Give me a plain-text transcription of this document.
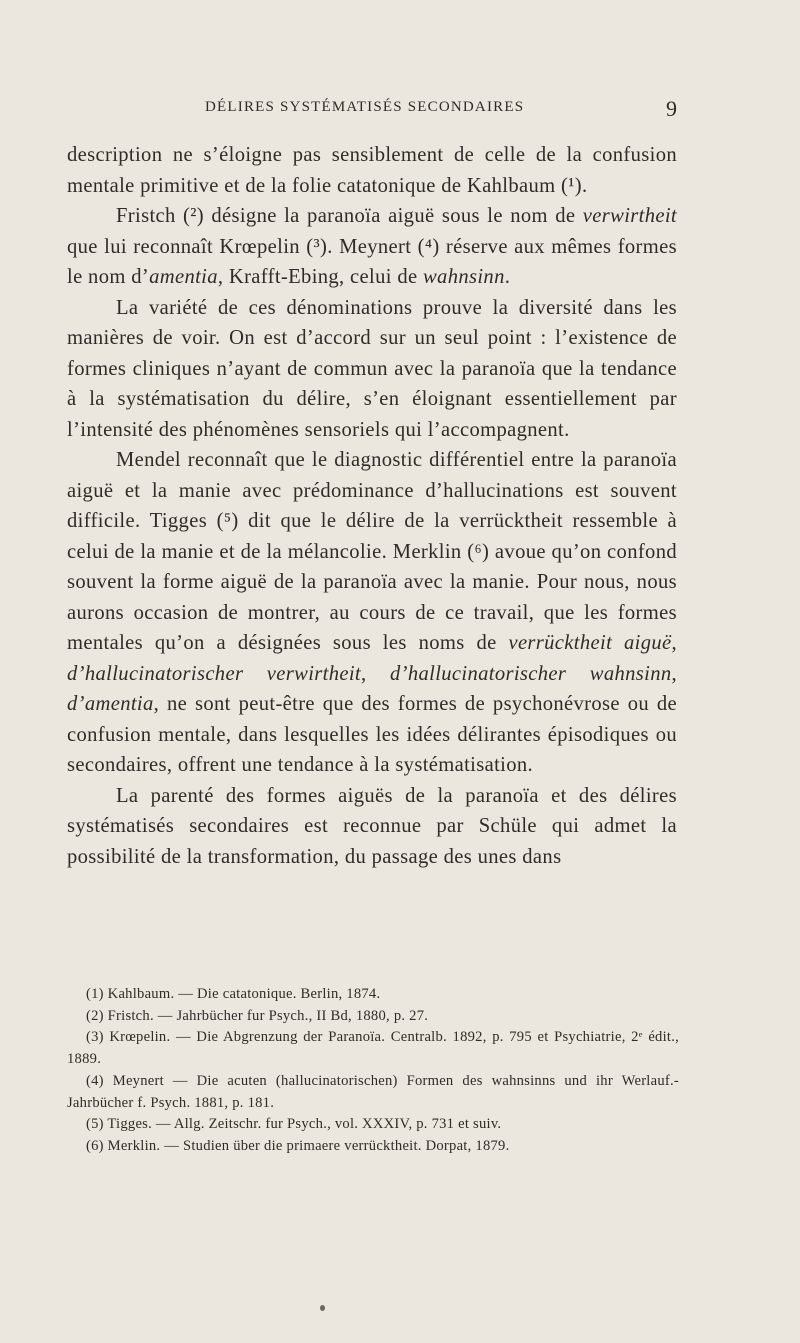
DÉLIRES SYSTÉMATISÉS SECONDAIRES	9

description ne s’éloigne pas sensiblement de celle de la confusion mentale primitive et de la folie catatonique de Kahlbaum (¹).

Fristch (²) désigne la paranoïa aiguë sous le nom de verwirtheit que lui reconnaît Krœpelin (³). Meynert (⁴) réserve aux mêmes formes le nom d’amentia, Krafft-Ebing, celui de wahnsinn.

La variété de ces dénominations prouve la diversité dans les manières de voir. On est d’accord sur un seul point : l’existence de formes cliniques n’ayant de commun avec la paranoïa que la tendance à la systématisation du délire, s’en éloignant essentiellement par l’intensité des phénomènes sensoriels qui l’accompagnent.

Mendel reconnaît que le diagnostic différentiel entre la paranoïa aiguë et la manie avec prédominance d’hallucinations est souvent difficile. Tigges (⁵) dit que le délire de la verrücktheit ressemble à celui de la manie et de la mélancolie. Merklin (⁶) avoue qu’on confond souvent la forme aiguë de la paranoïa avec la manie. Pour nous, nous aurons occasion de montrer, au cours de ce travail, que les formes mentales qu’on a désignées sous les noms de verrücktheit aiguë, d’hallucinatorischer verwirtheit, d’hallucinatorischer wahnsinn, d’amentia, ne sont peut-être que des formes de psychonévrose ou de confusion mentale, dans lesquelles les idées délirantes épisodiques ou secondaires, offrent une tendance à la systématisation.

La parenté des formes aiguës de la paranoïa et des délires systématisés secondaires est reconnue par Schüle qui admet la possibilité de la transformation, du passage des unes dans

(1) Kahlbaum. — Die catatonique. Berlin, 1874.

(2) Fristch. — Jahrbücher fur Psych., II Bd, 1880, p. 27.

(3) Krœpelin. — Die Abgrenzung der Paranoïa. Centralb. 1892, p. 795 et Psychiatrie, 2ᵉ édit., 1889.

(4) Meynert — Die acuten (hallucinatorischen) Formen des wahnsinns und ihr Werlauf.-Jahrbücher f. Psych. 1881, p. 181.

(5) Tigges. — Allg. Zeitschr. fur Psych., vol. XXXIV, p. 731 et suiv.

(6) Merklin. — Studien über die primaere verrücktheit. Dorpat, 1879.
